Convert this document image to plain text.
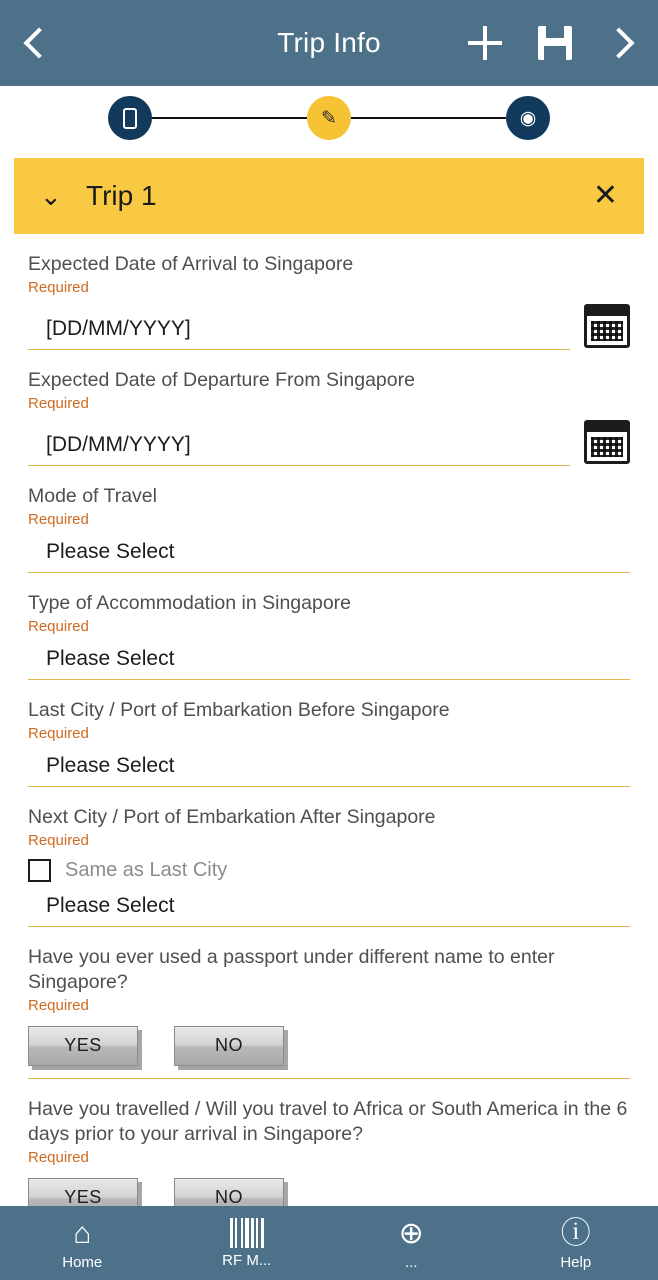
Trip Info
✎	◉
⌄ Trip 1	✕
Expected Date of Arrival to Singapore
Required
[DD/MM/YYYY]
Expected Date of Departure From Singapore
Required
[DD/MM/YYYY]
Mode of Travel
Required
Please Select
Type of Accommodation in Singapore
Required
Please Select
Last City / Port of Embarkation Before Singapore
Required
Please Select
Next City / Port of Embarkation After Singapore
Required
Same as Last City
Please Select
Have you ever used a passport under different name to enter Singapore?
Required
YES	NO
Have you travelled / Will you travel to Africa or South America in the 6 days prior to your arrival in Singapore?
Required
YES	NO
⌂
Home	RF M...
⊕
...
ⓘ
Help
